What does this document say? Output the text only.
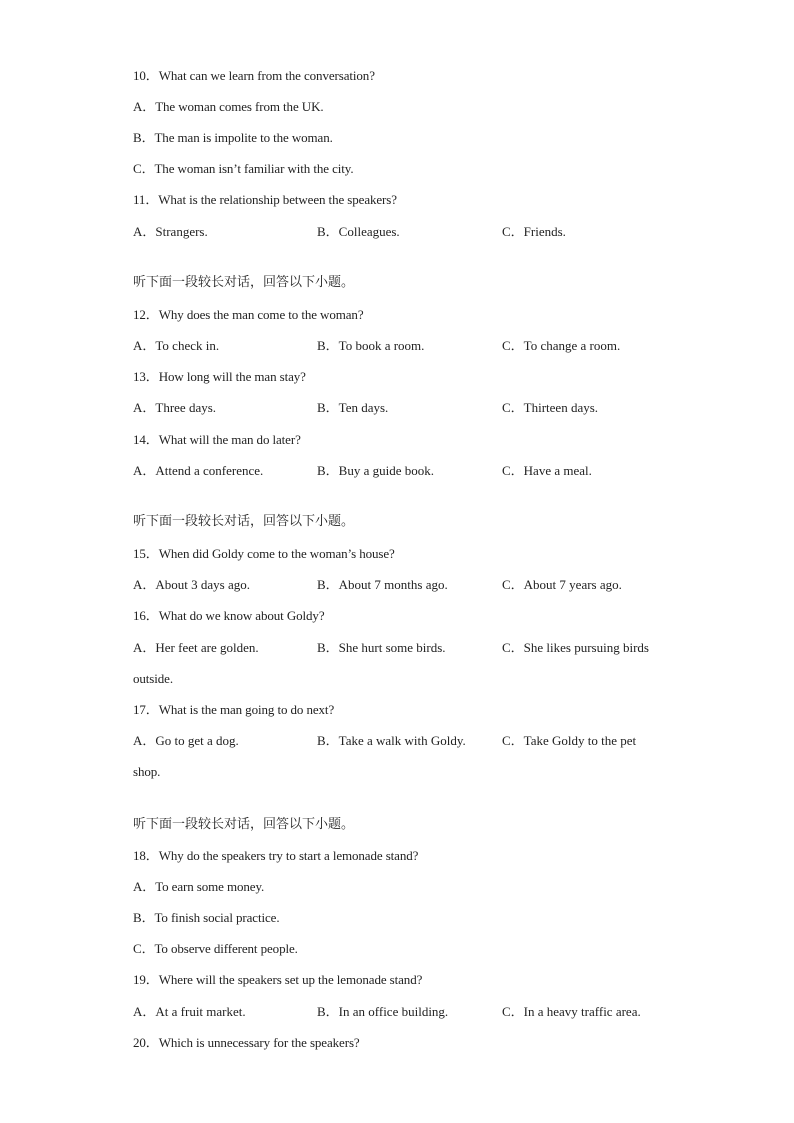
10．What can we learn from the conversation?
A．The woman comes from the UK.
B．The man is impolite to the woman.
C．The woman isn’t familiar with the city.
11．What is the relationship between the speakers?
A．Strangers.	B．Colleagues.	C．Friends.
听下面一段较长对话，回答以下小题。
12．Why does the man come to the woman?
A．To check in.	B．To book a room.	C．To change a room.
13．How long will the man stay?
A．Three days.	B．Ten days.	C．Thirteen days.
14．What will the man do later?
A．Attend a conference.	B．Buy a guide book.	C．Have a meal.
听下面一段较长对话，回答以下小题。
15．When did Goldy come to the woman’s house?
A．About 3 days ago.	B．About 7 months ago.	C．About 7 years ago.
16．What do we know about Goldy?
A．Her feet are golden.	B．She hurt some birds.	C．She likes pursuing birds
outside.
17．What is the man going to do next?
A．Go to get a dog.	B．Take a walk with Goldy.	C．Take Goldy to the pet
shop.
听下面一段较长对话，回答以下小题。
18．Why do the speakers try to start a lemonade stand?
A．To earn some money.
B．To finish social practice.
C．To observe different people.
19．Where will the speakers set up the lemonade stand?
A．At a fruit market.	B．In an office building.	C．In a heavy traffic area.
20．Which is unnecessary for the speakers?
